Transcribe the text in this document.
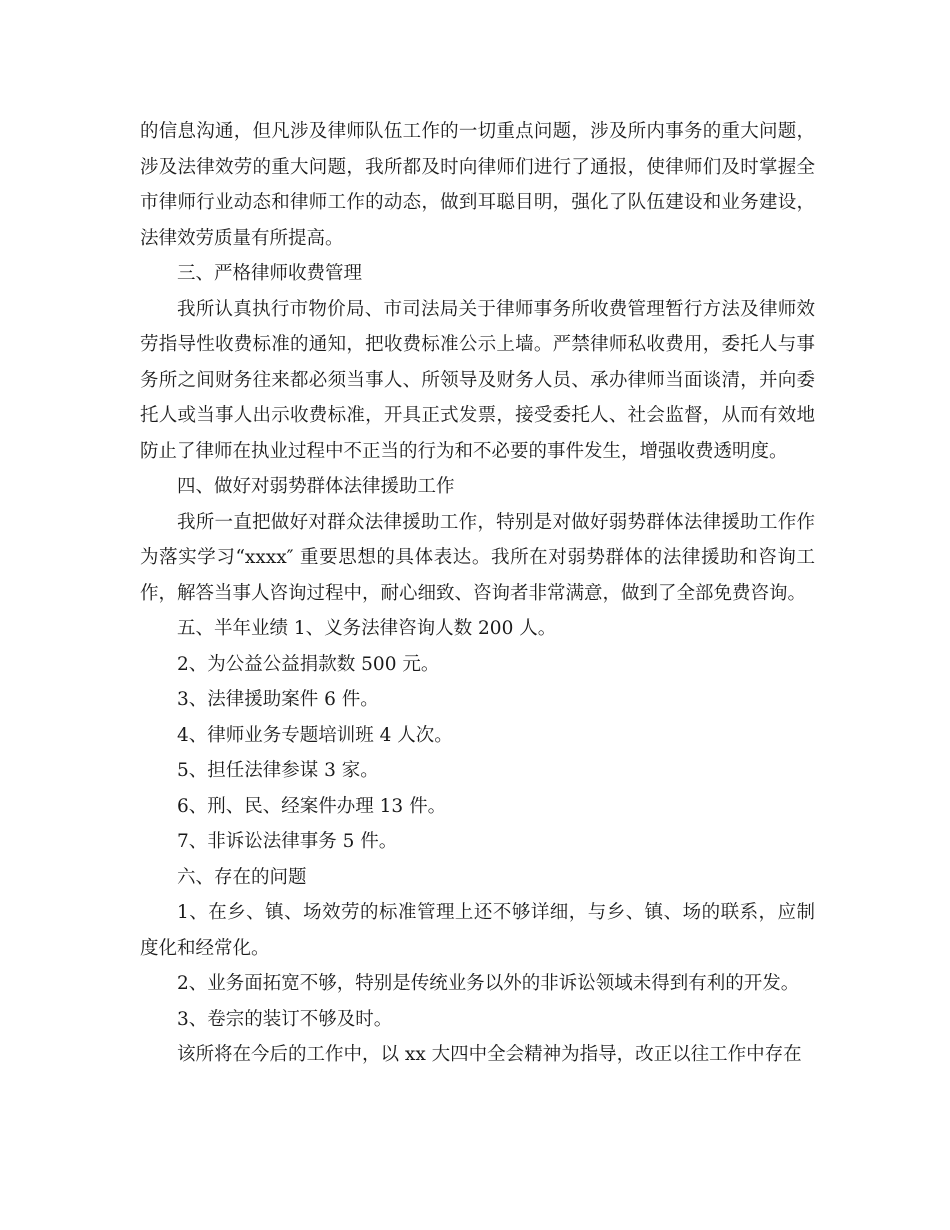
的信息沟通，但凡涉及律师队伍工作的一切重点问题，涉及所内事务的重大问题，涉及法律效劳的重大问题，我所都及时向律师们进行了通报，使律师们及时掌握全市律师行业动态和律师工作的动态，做到耳聪目明，强化了队伍建设和业务建设，法律效劳质量有所提高。

三、严格律师收费管理

我所认真执行市物价局、市司法局关于律师事务所收费管理暂行方法及律师效劳指导性收费标准的通知，把收费标准公示上墙。严禁律师私收费用，委托人与事务所之间财务往来都必须当事人、所领导及财务人员、承办律师当面谈清，并向委托人或当事人出示收费标准，开具正式发票，接受委托人、社会监督，从而有效地防止了律师在执业过程中不正当的行为和不必要的事件发生，增强收费透明度。

四、做好对弱势群体法律援助工作

我所一直把做好对群众法律援助工作，特别是对做好弱势群体法律援助工作作为落实学习“xxxx″ 重要思想的具体表达。我所在对弱势群体的法律援助和咨询工作，解答当事人咨询过程中，耐心细致、咨询者非常满意，做到了全部免费咨询。

五、半年业绩 1、义务法律咨询人数 200 人。

2、为公益公益捐款数 500 元。

3、法律援助案件 6 件。

4、律师业务专题培训班 4 人次。

5、担任法律参谋 3 家。

6、刑、民、经案件办理 13 件。

7、非诉讼法律事务 5 件。

六、存在的问题

1、在乡、镇、场效劳的标准管理上还不够详细，与乡、镇、场的联系，应制度化和经常化。

2、业务面拓宽不够，特别是传统业务以外的非诉讼领域未得到有利的开发。

3、卷宗的装订不够及时。

该所将在今后的工作中，以 xx 大四中全会精神为指导，改正以往工作中存在
